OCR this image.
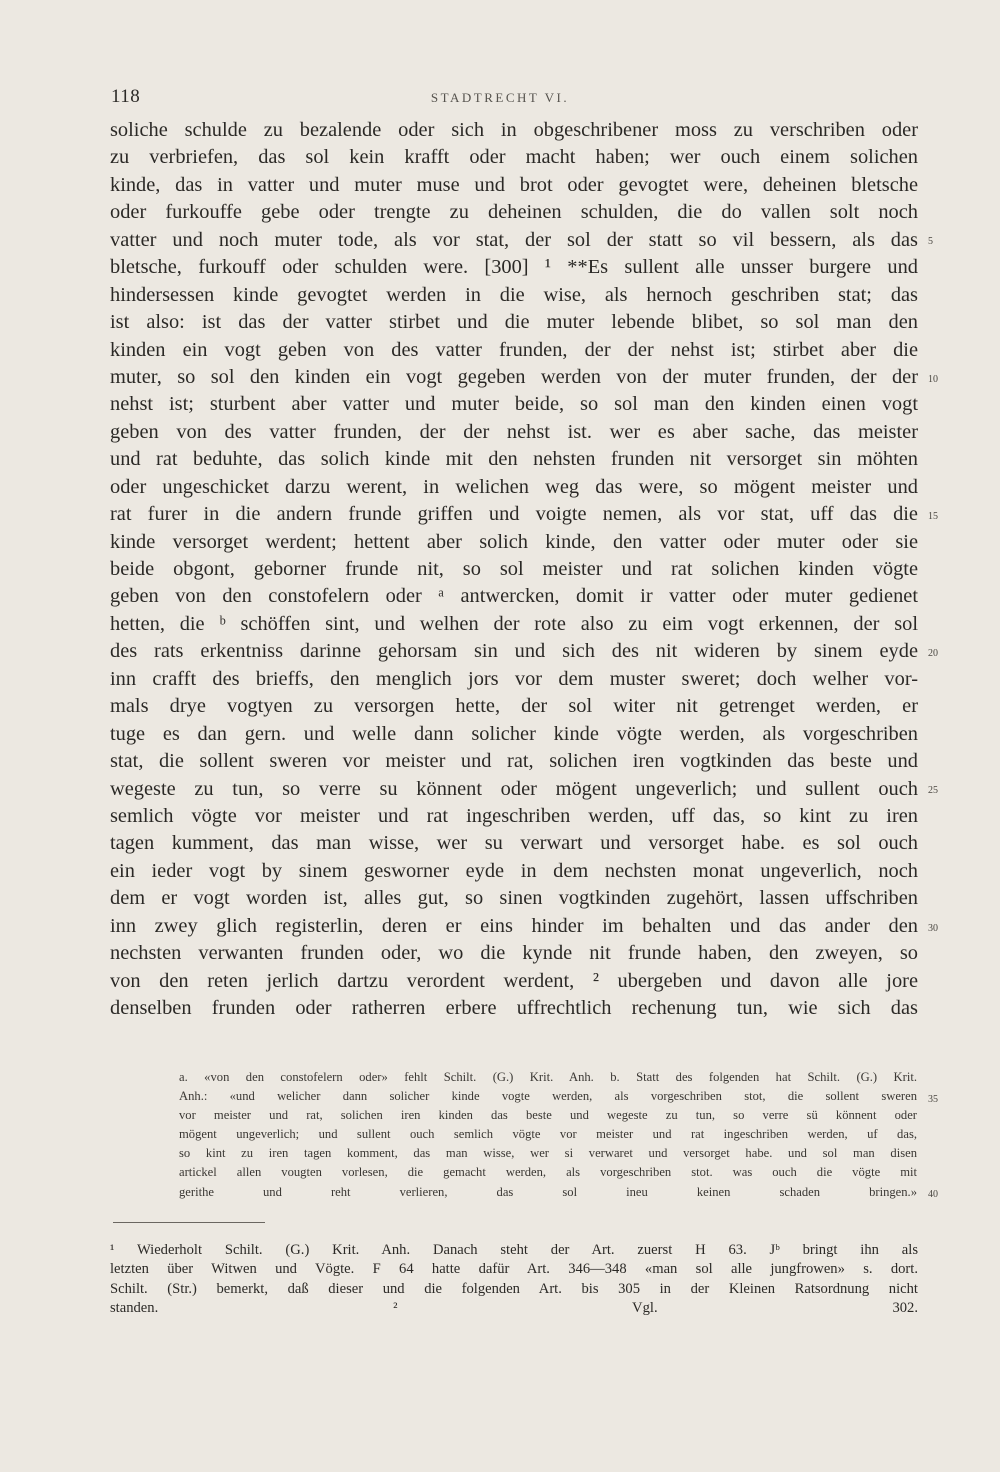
118	STADTRECHT VI.
soliche schulde zu bezalende oder sich in obgeschribener moss zu verschriben oder
zu verbriefen, das sol kein krafft oder macht haben; wer ouch einem solichen
kinde, das in vatter und muter muse und brot oder gevogtet were, deheinen bletsche
oder furkouffe gebe oder trengte zu deheinen schulden, die do vallen solt noch
vatter und noch muter tode, als vor stat, der sol der statt so vil bessern, als das
bletsche, furkouff oder schulden were. [300] ¹ **Es sullent alle unsser burgere und
hindersessen kinde gevogtet werden in die wise, als hernoch geschriben stat; das
ist also: ist das der vatter stirbet und die muter lebende blibet, so sol man den
kinden ein vogt geben von des vatter frunden, der der nehst ist; stirbet aber die
muter, so sol den kinden ein vogt gegeben werden von der muter frunden, der der
nehst ist; sturbent aber vatter und muter beide, so sol man den kinden einen vogt
geben von des vatter frunden, der der nehst ist. wer es aber sache, das meister
und rat beduhte, das solich kinde mit den nehsten frunden nit versorget sin möhten
oder ungeschicket darzu werent, in welichen weg das were, so mögent meister und
rat furer in die andern frunde griffen und voigte nemen, als vor stat, uff das die
kinde versorget werdent; hettent aber solich kinde, den vatter oder muter oder sie
beide obgont, geborner frunde nit, so sol meister und rat solichen kinden vögte
geben von den constofelern oder ᵃ antwercken, domit ir vatter oder muter gedienet
hetten, die ᵇ schöffen sint, und welhen der rote also zu eim vogt erkennen, der sol
des rats erkentniss darinne gehorsam sin und sich des nit wideren by sinem eyde
inn crafft des brieffs, den menglich jors vor dem muster sweret; doch welher vor-
mals drye vogtyen zu versorgen hette, der sol witer nit getrenget werden, er
tuge es dan gern. und welle dann solicher kinde vögte werden, als vorgeschriben
stat, die sollent sweren vor meister und rat, solichen iren vogtkinden das beste und
wegeste zu tun, so verre su könnent oder mögent ungeverlich; und sullent ouch
semlich vögte vor meister und rat ingeschriben werden, uff das, so kint zu iren
tagen kumment, das man wisse, wer su verwart und versorget habe. es sol ouch
ein ieder vogt by sinem gesworner eyde in dem nechsten monat ungeverlich, noch
dem er vogt worden ist, alles gut, so sinen vogtkinden zugehört, lassen uffschriben
inn zwey glich registerlin, deren er eins hinder im behalten und das ander den
nechsten verwanten frunden oder, wo die kynde nit frunde haben, den zweyen, so
von den reten jerlich dartzu verordent werdent, ² ubergeben und davon alle jore
denselben frunden oder ratherren erbere uffrechtlich rechenung tun, wie sich das
5
10
15
20
25
30
a. «von den constofelern oder» fehlt Schilt. (G.) Krit. Anh. b. Statt des folgenden hat Schilt. (G.) Krit.
Anh.: «und welicher dann solicher kinde vogte werden, als vorgeschriben stot, die sollent sweren
vor meister und rat, solichen iren kinden das beste und wegeste zu tun, so verre sü könnent oder
mögent ungeverlich; und sullent ouch semlich vögte vor meister und rat ingeschriben werden, uf das,
so kint zu iren tagen komment, das man wisse, wer si verwaret und versorget habe. und sol man disen
artickel allen vougten vorlesen, die gemacht werden, als vorgeschriben stot. was ouch die vögte mit
gerithe und reht verlieren, das sol ineu keinen schaden bringen.»
35
40
¹ Wiederholt Schilt. (G.) Krit. Anh. Danach steht der Art. zuerst H 63. Jᵇ bringt ihn als
letzten über Witwen und Vögte. F 64 hatte dafür Art. 346—348 «man sol alle jungfrowen» s. dort.
Schilt. (Str.) bemerkt, daß dieser und die folgenden Art. bis 305 in der Kleinen Ratsordnung nicht
standen. ² Vgl. 302.
